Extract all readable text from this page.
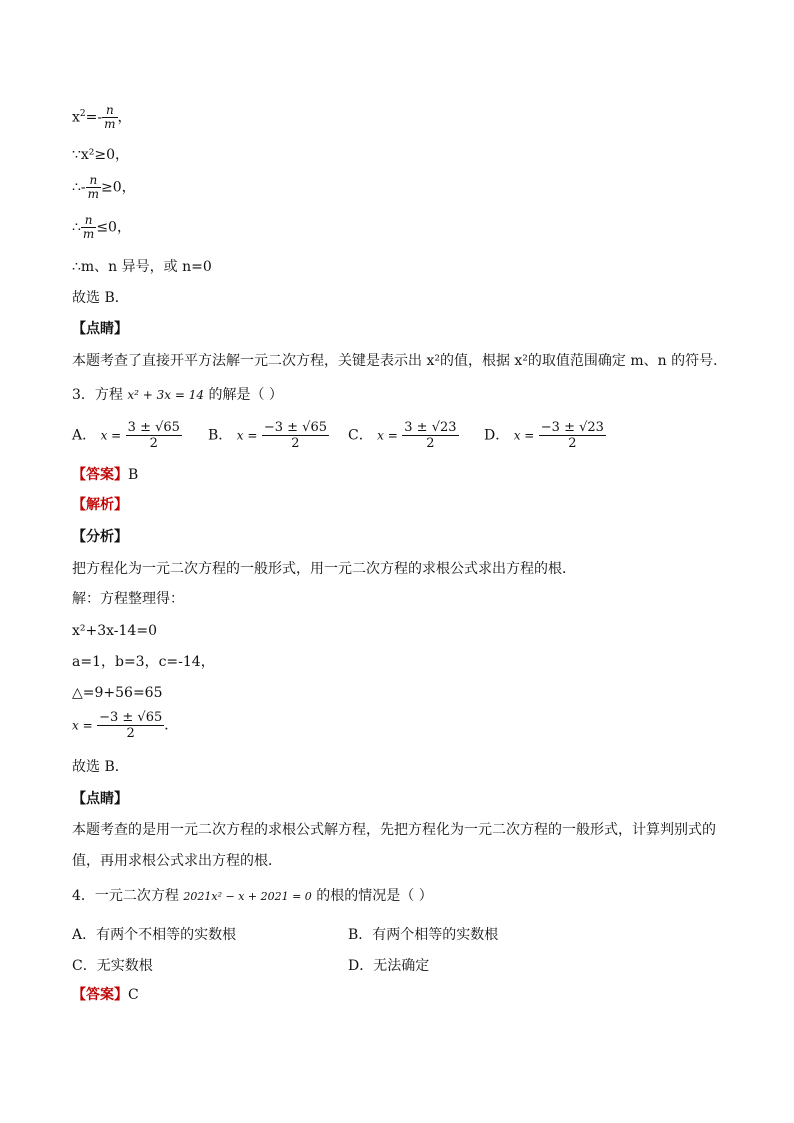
$x^2=- \frac{n}{m}$ ，
∵x²≥0，
∴- $\frac{n}{m} \ge 0$，
∴ $\frac{n}{m} \le 0$，
∴m、n 异号，或 n=0
故选 B．
【点睛】
本题考查了直接开平方法解一元二次方程，关键是表示出 x²的值，根据 x²的取值范围确定 m、n 的符号．
3．方程 x² + 3x = 14 的解是（ ）
A． $x = \frac{3 \pm √65}{2}$ B． $x = \frac{-3 \pm √65}{2}$ C． $x = \frac{3 \pm √23}{2}$ D． $x = \frac{-3 \pm √23}{2}$
【答案】B
【解析】
【分析】
把方程化为一元二次方程的一般形式，用一元二次方程的求根公式求出方程的根．
解：方程整理得：
x²+3x-14=0
a=1，b=3，c=-14，
△=9+56=65
$x = \frac{-3 \pm √65}{2}$ ．
故选 B．
【点睛】
本题考查的是用一元二次方程的求根公式解方程，先把方程化为一元二次方程的一般形式，计算判别式的
值，再用求根公式求出方程的根．
4．一元二次方程 2021x² − x + 2021 = 0 的根的情况是（ ）
A．有两个不相等的实数根	B．有两个相等的实数根
C．无实数根	D．无法确定
【答案】C
